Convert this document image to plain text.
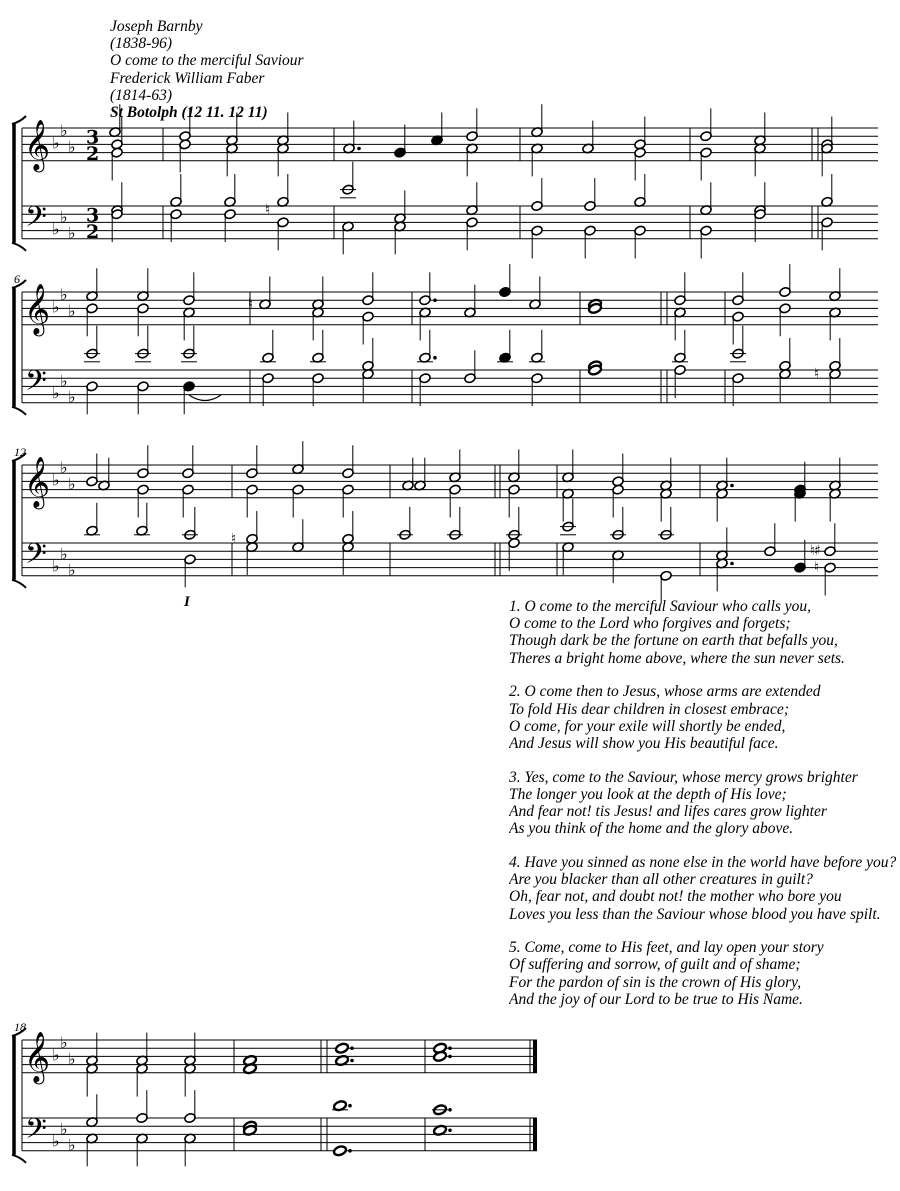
Joseph Barnby
(1838-96)
O come to the merciful Saviour
Frederick William Faber
(1814-63)
St Botolph (12 11. 12 11)
𝄞
𝄢
♭
♭
♭
♭
♭
♭
3
2
3
2
𝄞
𝄢
♭
♭
♭
♭
♭
♭
6
𝄞
𝄢
♭
♭
♭
♭
♭
♭
12
𝄞
𝄢
♭
♭
♭
♭
♭
♭
18
♮
♮
♮
♮
♮
♮
♯
I	1. O come to the merciful Saviour who calls you,
O come to the Lord who forgives and forgets;
Though dark be the fortune on earth that befalls you,
Theres a bright home above, where the sun never sets.
2. O come then to Jesus, whose arms are extended
To fold His dear children in closest embrace;
O come, for your exile will shortly be ended,
And Jesus will show you His beautiful face.
3. Yes, come to the Saviour, whose mercy grows brighter
The longer you look at the depth of His love;
And fear not! tis Jesus! and lifes cares grow lighter
As you think of the home and the glory above.
4. Have you sinned as none else in the world have before you?
Are you blacker than all other creatures in guilt?
Oh, fear not, and doubt not! the mother who bore you
Loves you less than the Saviour whose blood you have spilt.
5. Come, come to His feet, and lay open your story
Of suffering and sorrow, of guilt and of shame;
For the pardon of sin is the crown of His glory,
And the joy of our Lord to be true to His Name.
